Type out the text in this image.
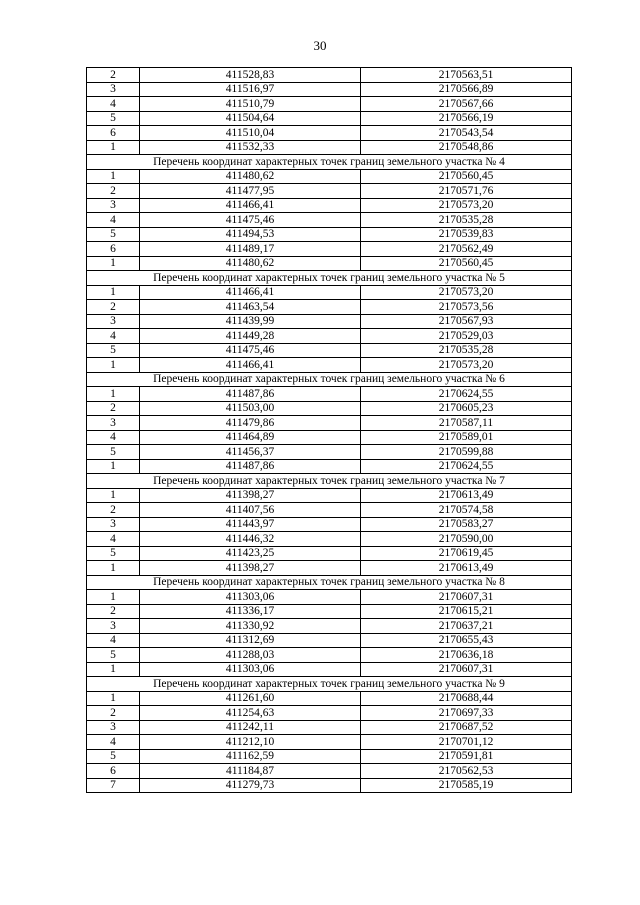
30
2	411528,83	2170563,51
3	411516,97	2170566,89
4	411510,79	2170567,66
5	411504,64	2170566,19
6	411510,04	2170543,54
1	411532,33	2170548,86
Перечень координат характерных точек границ земельного участка № 4		
1	411480,62	2170560,45
2	411477,95	2170571,76
3	411466,41	2170573,20
4	411475,46	2170535,28
5	411494,53	2170539,83
6	411489,17	2170562,49
1	411480,62	2170560,45
Перечень координат характерных точек границ земельного участка № 5		
1	411466,41	2170573,20
2	411463,54	2170573,56
3	411439,99	2170567,93
4	411449,28	2170529,03
5	411475,46	2170535,28
1	411466,41	2170573,20
Перечень координат характерных точек границ земельного участка № 6		
1	411487,86	2170624,55
2	411503,00	2170605,23
3	411479,86	2170587,11
4	411464,89	2170589,01
5	411456,37	2170599,88
1	411487,86	2170624,55
Перечень координат характерных точек границ земельного участка № 7		
1	411398,27	2170613,49
2	411407,56	2170574,58
3	411443,97	2170583,27
4	411446,32	2170590,00
5	411423,25	2170619,45
1	411398,27	2170613,49
Перечень координат характерных точек границ земельного участка № 8		
1	411303,06	2170607,31
2	411336,17	2170615,21
3	411330,92	2170637,21
4	411312,69	2170655,43
5	411288,03	2170636,18
1	411303,06	2170607,31
Перечень координат характерных точек границ земельного участка № 9		
1	411261,60	2170688,44
2	411254,63	2170697,33
3	411242,11	2170687,52
4	411212,10	2170701,12
5	411162,59	2170591,81
6	411184,87	2170562,53
7	411279,73	2170585,19
